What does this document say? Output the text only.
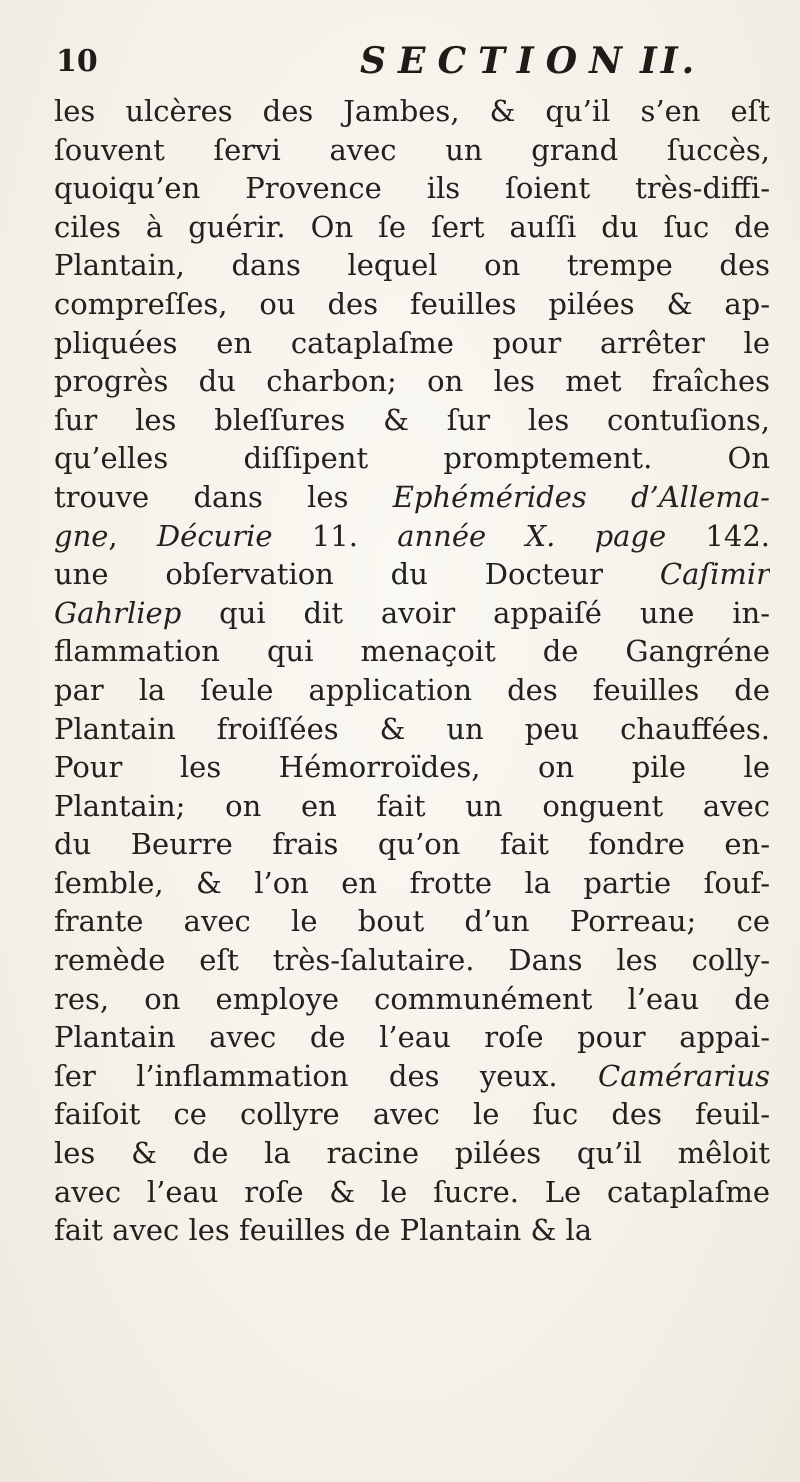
10	SECTION II.
les ulcères des Jambes, & qu’il s’en eſt
ſouvent ſervi avec un grand ſuccès,
quoiqu’en Provence ils ſoient très-diffi-
ciles à guérir. On ſe ſert auſſi du ſuc de
Plantain, dans lequel on trempe des
compreſſes, ou des feuilles pilées & ap-
pliquées en cataplaſme pour arrêter le
progrès du charbon; on les met fraîches
ſur les bleſſures & ſur les contuſions,
qu’elles diſſipent promptement. On
trouve dans les Ephémérides d’Allema-
gne, Décurie 11. année X. page 142.
une obſervation du Docteur Caſimir
Gahrliep qui dit avoir appaiſé une in-
flammation qui menaçoit de Gangréne
par la ſeule application des feuilles de
Plantain froiſſées & un peu chauffées.
Pour les Hémorroïdes, on pile le
Plantain; on en fait un onguent avec
du Beurre frais qu’on fait fondre en-
ſemble, & l’on en frotte la partie ſouf-
frante avec le bout d’un Porreau; ce
remède eſt très-ſalutaire. Dans les colly-
res, on employe communément l’eau de
Plantain avec de l’eau roſe pour appai-
ſer l’inflammation des yeux. Camérarius
faiſoit ce collyre avec le ſuc des feuil-
les & de la racine pilées qu’il mêloit
avec l’eau roſe & le ſucre. Le cataplaſme
fait avec les feuilles de Plantain & la
